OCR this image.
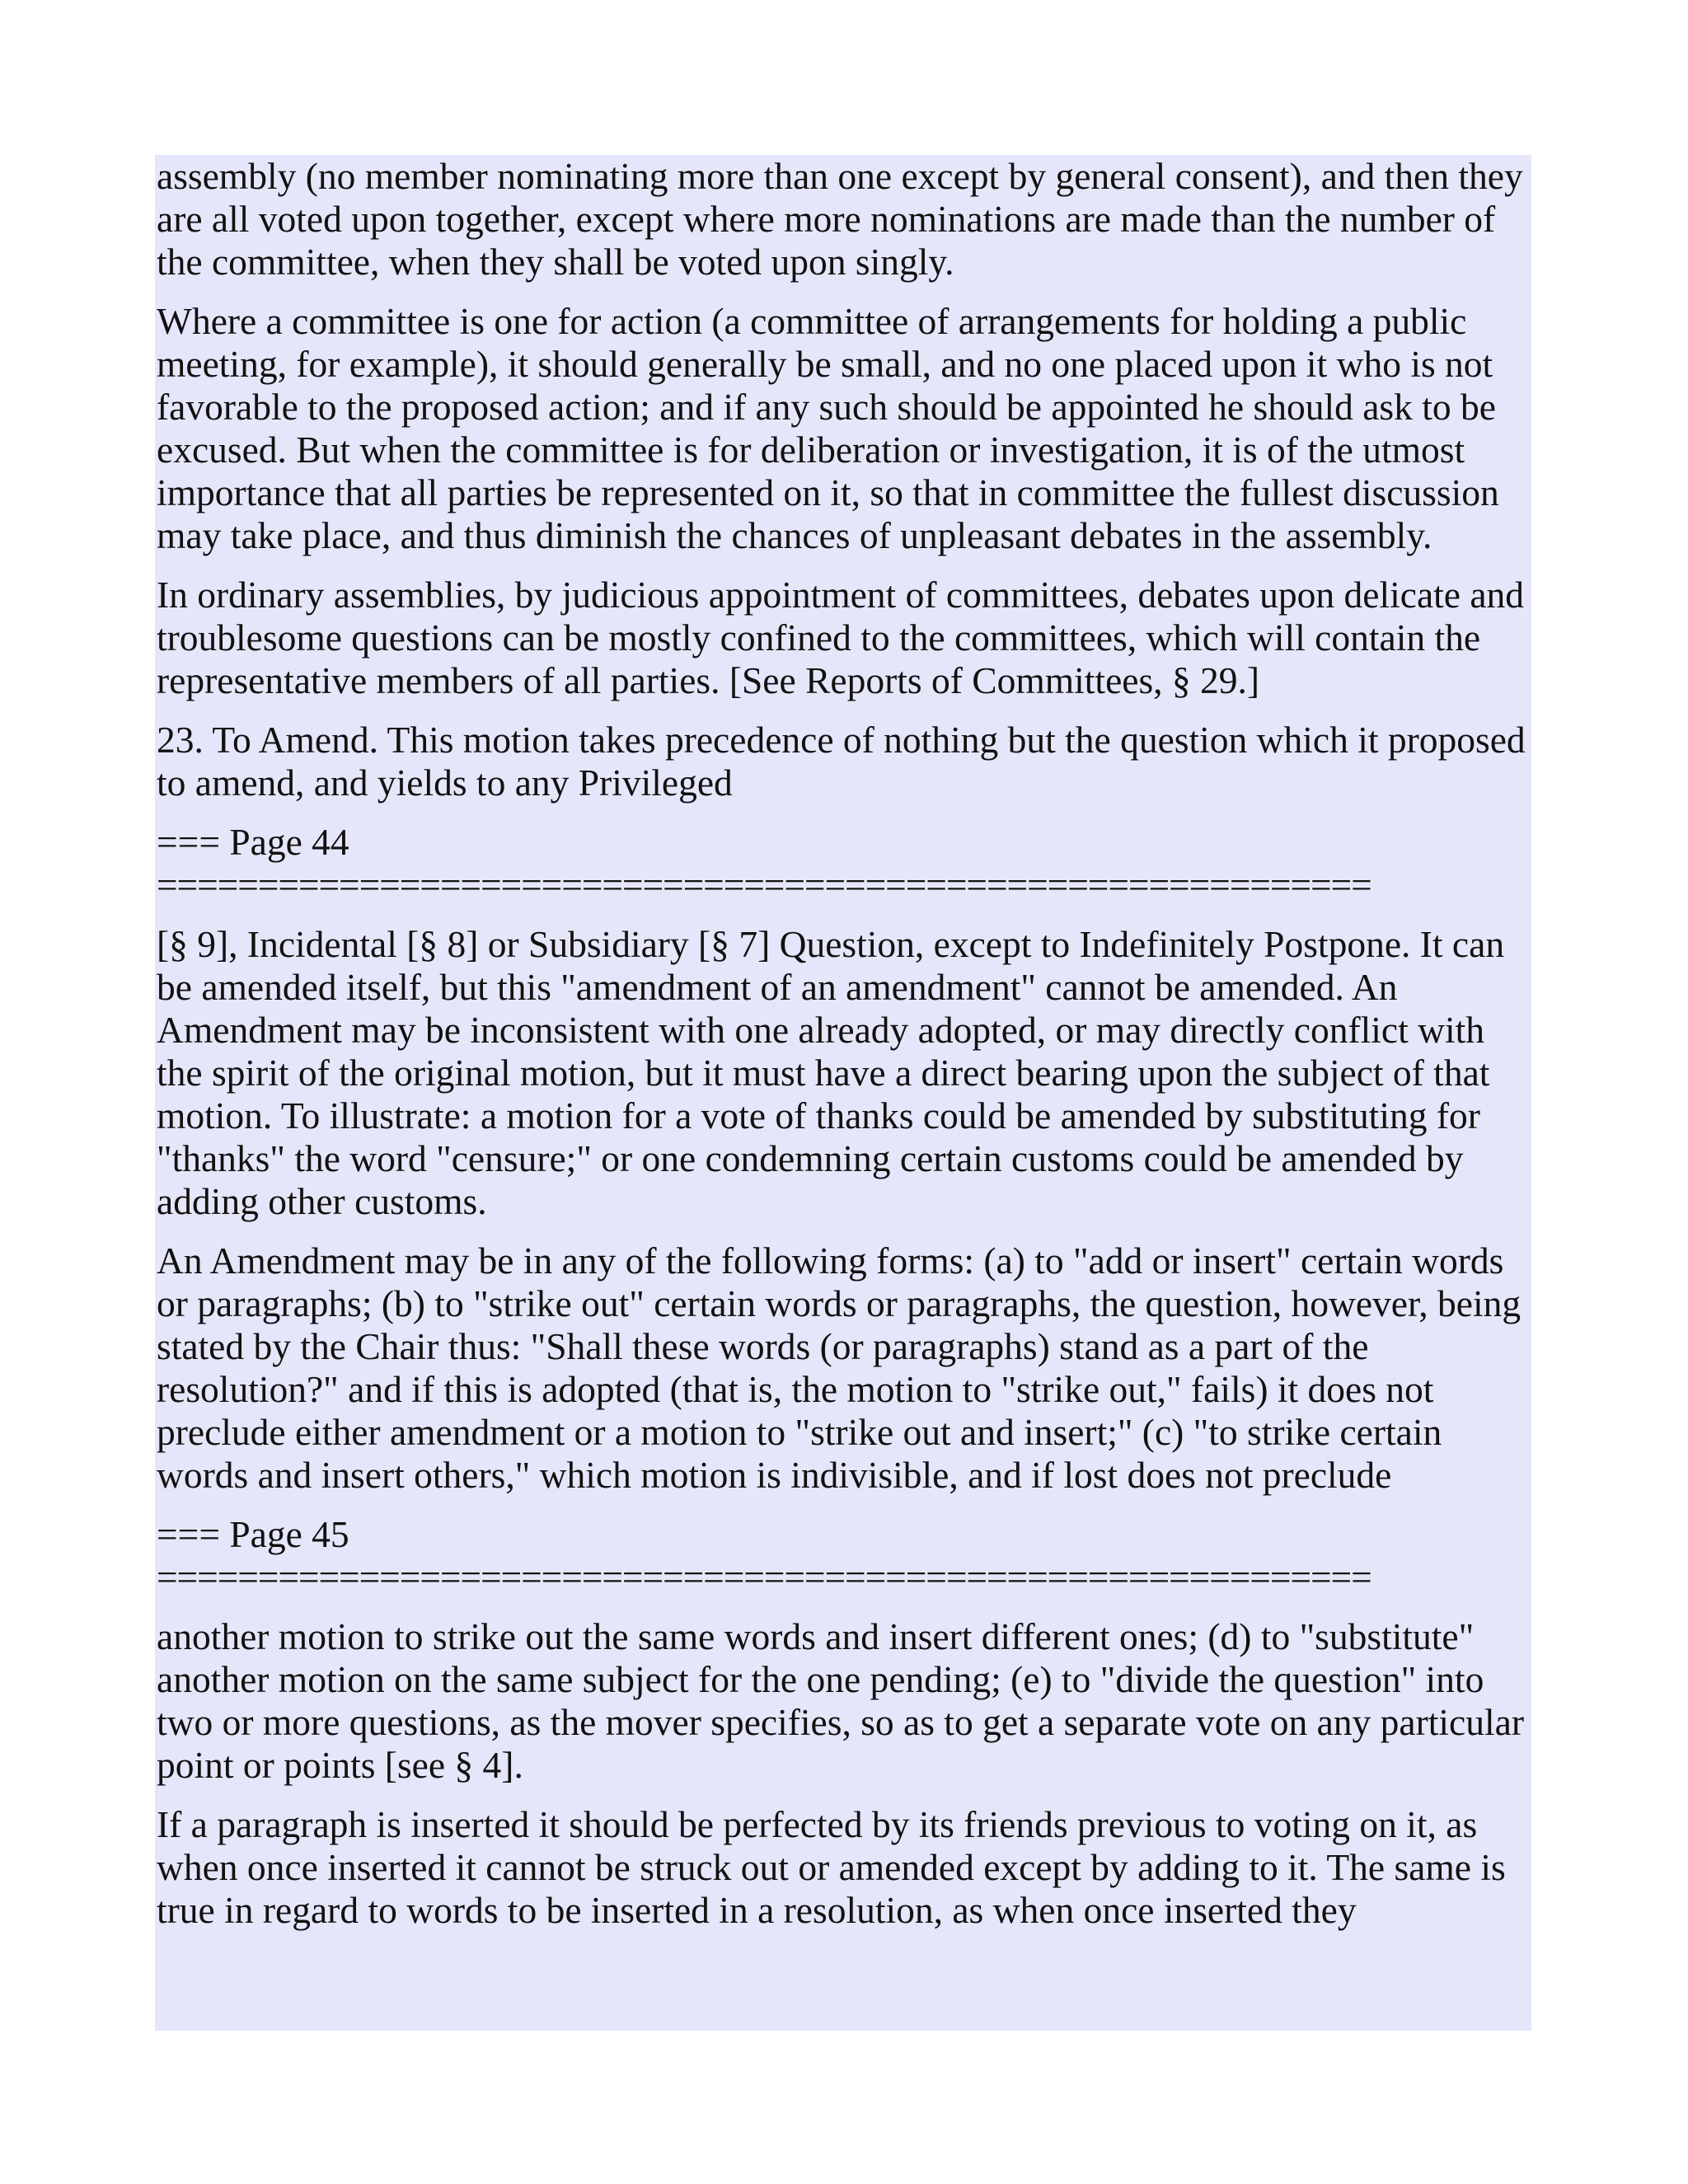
assembly (no member nominating more than one except by general consent), and then they are all voted upon together, except where more nominations are made than the number of the committee, when they shall be voted upon singly.

Where a committee is one for action (a committee of arrangements for holding a public meeting, for example), it should generally be small, and no one placed upon it who is not favorable to the proposed action; and if any such should be appointed he should ask to be excused. But when the committee is for deliberation or investigation, it is of the utmost importance that all parties be represented on it, so that in committee the fullest discussion may take place, and thus diminish the chances of unpleasant debates in the assembly.

In ordinary assemblies, by judicious appointment of committees, debates upon delicate and troublesome questions can be mostly confined to the committees, which will contain the representative members of all parties. [See Reports of Committees, § 29.]

23. To Amend. This motion takes precedence of nothing but the question which it proposed to amend, and yields to any Privileged

=== Page 44
============================================================

[§ 9], Incidental [§ 8] or Subsidiary [§ 7] Question, except to Indefinitely Postpone. It can be amended itself, but this "amendment of an amendment" cannot be amended. An Amendment may be inconsistent with one already adopted, or may directly conflict with the spirit of the original motion, but it must have a direct bearing upon the subject of that motion. To illustrate: a motion for a vote of thanks could be amended by substituting for "thanks" the word "censure;" or one condemning certain customs could be amended by adding other customs.

An Amendment may be in any of the following forms: (a) to "add or insert" certain words or paragraphs; (b) to "strike out" certain words or paragraphs, the question, however, being stated by the Chair thus: "Shall these words (or paragraphs) stand as a part of the resolution?" and if this is adopted (that is, the motion to "strike out," fails) it does not preclude either amendment or a motion to "strike out and insert;" (c) "to strike certain words and insert others," which motion is indivisible, and if lost does not preclude

=== Page 45
============================================================

another motion to strike out the same words and insert different ones; (d) to "substitute" another motion on the same subject for the one pending; (e) to "divide the question" into two or more questions, as the mover specifies, so as to get a separate vote on any particular point or points [see § 4].

If a paragraph is inserted it should be perfected by its friends previous to voting on it, as when once inserted it cannot be struck out or amended except by adding to it. The same is true in regard to words to be inserted in a resolution, as when once inserted they
